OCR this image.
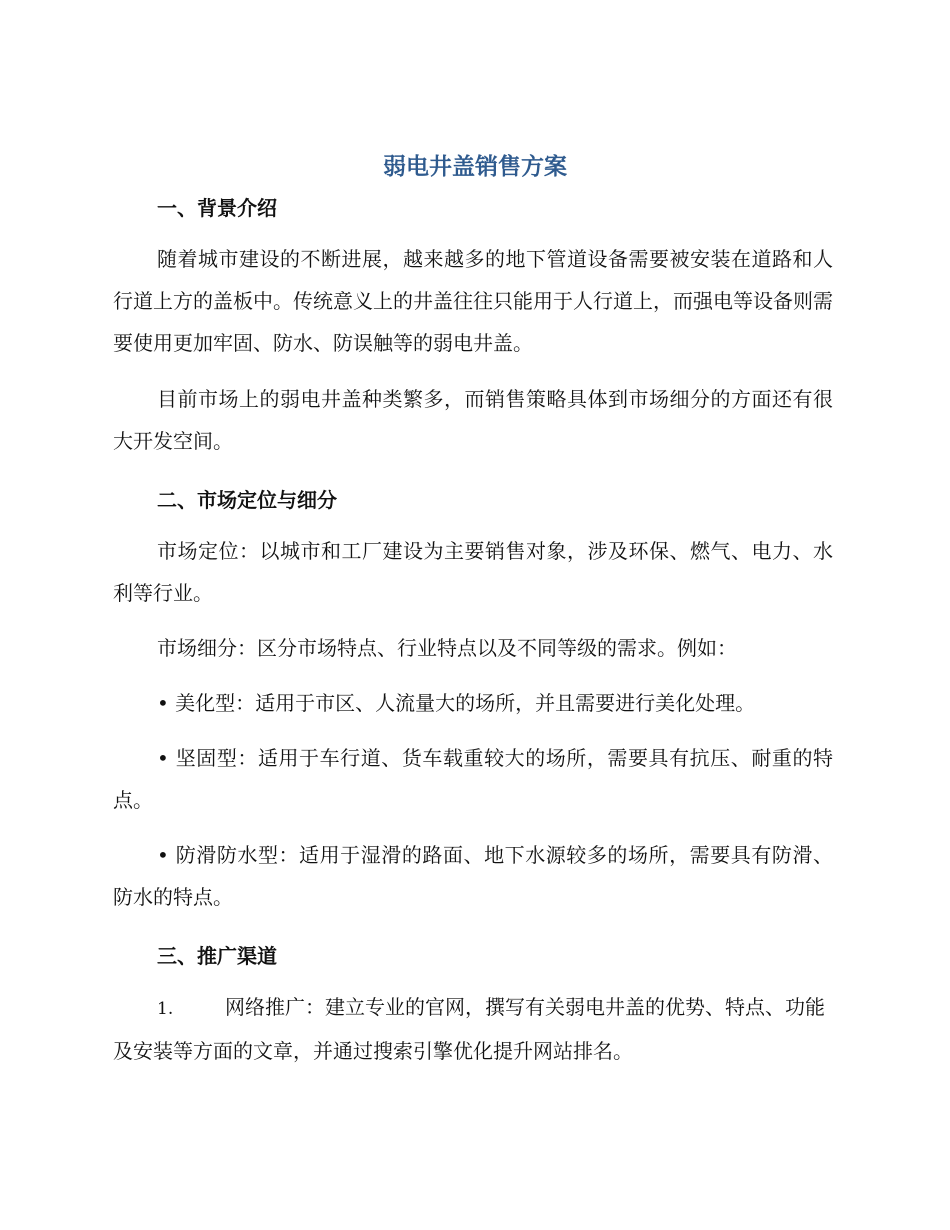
弱电井盖销售方案
一、背景介绍

随着城市建设的不断进展，越来越多的地下管道设备需要被安装在道路和人行道上方的盖板中。传统意义上的井盖往往只能用于人行道上，而强电等设备则需要使用更加牢固、防水、防误触等的弱电井盖。

目前市场上的弱电井盖种类繁多，而销售策略具体到市场细分的方面还有很大开发空间。

二、市场定位与细分

市场定位：以城市和工厂建设为主要销售对象，涉及环保、燃气、电力、水利等行业。

市场细分：区分市场特点、行业特点以及不同等级的需求。例如：

• 美化型：适用于市区、人流量大的场所，并且需要进行美化处理。

• 坚固型：适用于车行道、货车载重较大的场所，需要具有抗压、耐重的特点。

• 防滑防水型：适用于湿滑的路面、地下水源较多的场所，需要具有防滑、防水的特点。

三、推广渠道

1.	网络推广：建立专业的官网，撰写有关弱电井盖的优势、特点、功能及安装等方面的文章，并通过搜索引擎优化提升网站排名。
